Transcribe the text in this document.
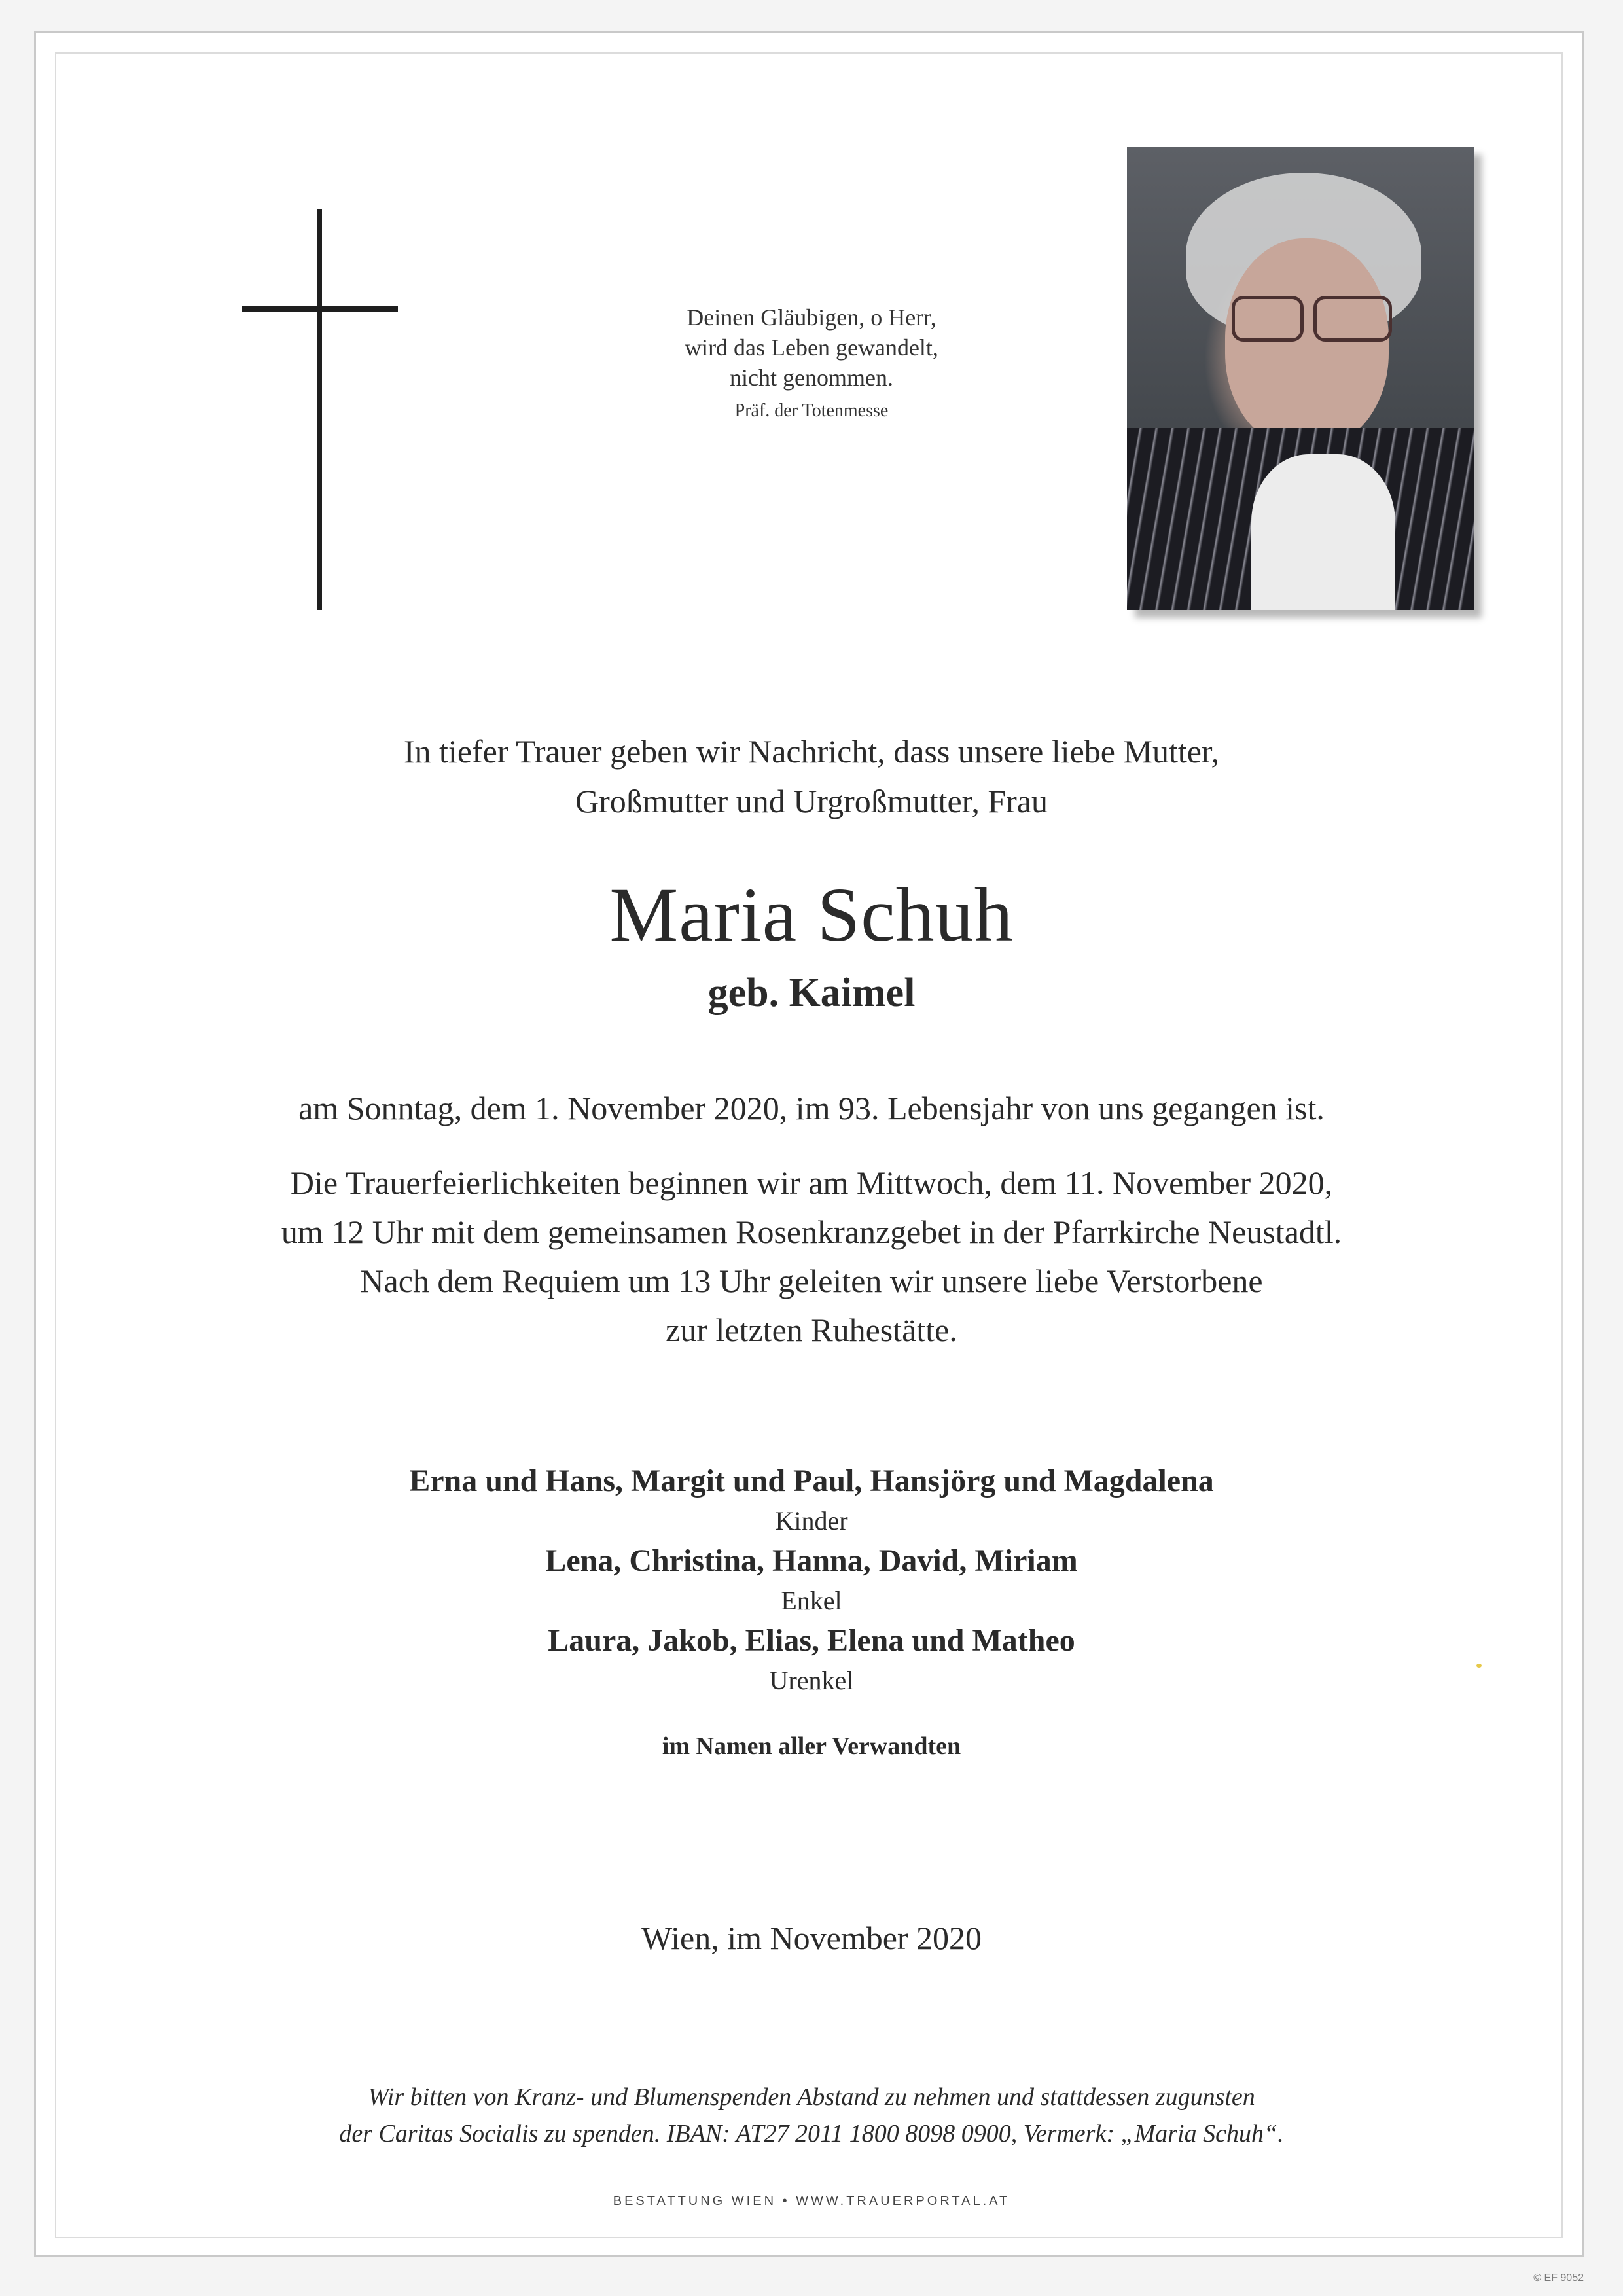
Deinen Gläubigen, o Herr,
wird das Leben gewandelt,
nicht genommen.
Präf. der Totenmesse
In tiefer Trauer geben wir Nachricht, dass unsere liebe Mutter,
Großmutter und Urgroßmutter, Frau
Maria Schuh
geb. Kaimel
am Sonntag, dem 1. November 2020, im 93. Lebensjahr von uns gegangen ist.
Die Trauerfeierlichkeiten beginnen wir am Mittwoch, dem 11. November 2020,
um 12 Uhr mit dem gemeinsamen Rosenkranzgebet in der Pfarrkirche Neustadtl.
Nach dem Requiem um 13 Uhr geleiten wir unsere liebe Verstorbene
zur letzten Ruhestätte.
Erna und Hans, Margit und Paul, Hansjörg und Magdalena
Kinder
Lena, Christina, Hanna, David, Miriam
Enkel
Laura, Jakob, Elias, Elena und Matheo
Urenkel
im Namen aller Verwandten
Wien, im November 2020
Wir bitten von Kranz- und Blumenspenden Abstand zu nehmen und stattdessen zugunsten
der Caritas Socialis zu spenden. IBAN: AT27 2011 1800 8098 0900, Vermerk: „Maria Schuh“.
BESTATTUNG WIEN • WWW.TRAUERPORTAL.AT
© EF 9052
